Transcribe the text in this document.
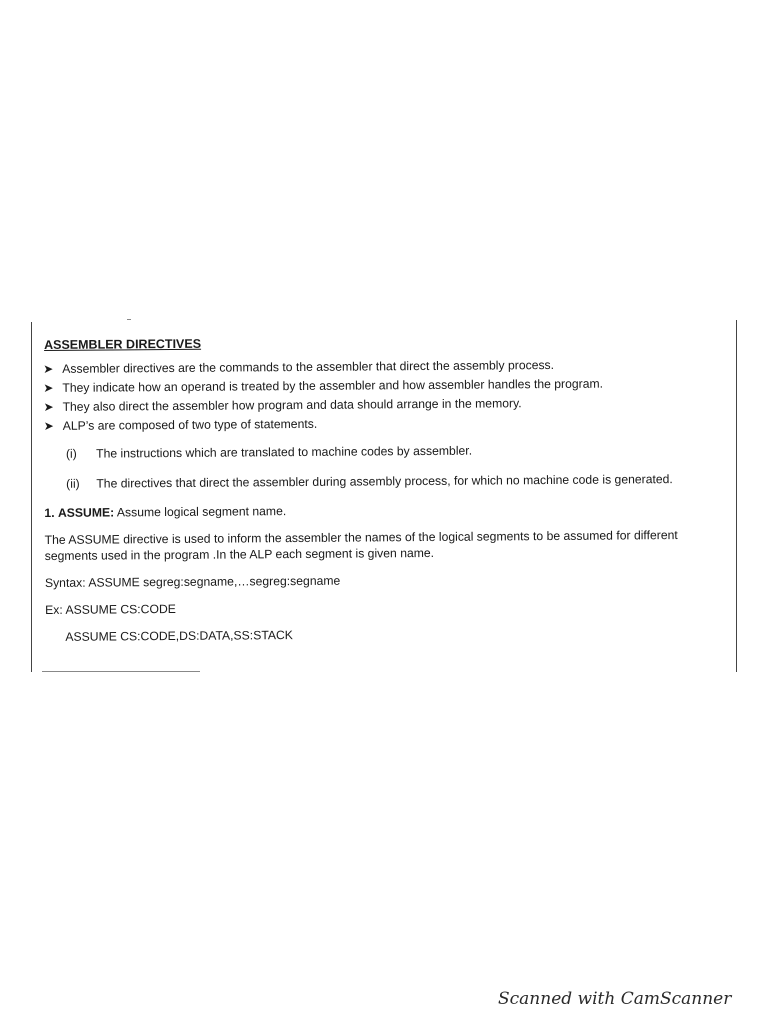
ASSEMBLER DIRECTIVES
➤ Assembler directives are the commands to the assembler that direct the assembly process.
➤ They indicate how an operand is treated by the assembler and how assembler handles the program.
➤ They also direct the assembler how program and data should arrange in the memory.
➤ ALP’s are composed of two type of statements.
(i) The instructions which are translated to machine codes by assembler.
(ii) The directives that direct the assembler during assembly process, for which no machine code is generated.
1. ASSUME: Assume logical segment name.
The ASSUME directive is used to inform the assembler the names of the logical segments to be assumed for different segments used in the program .In the ALP each segment is given name.
Syntax: ASSUME segreg:segname,…segreg:segname
Ex: ASSUME CS:CODE
ASSUME CS:CODE,DS:DATA,SS:STACK
Scanned with CamScanner
